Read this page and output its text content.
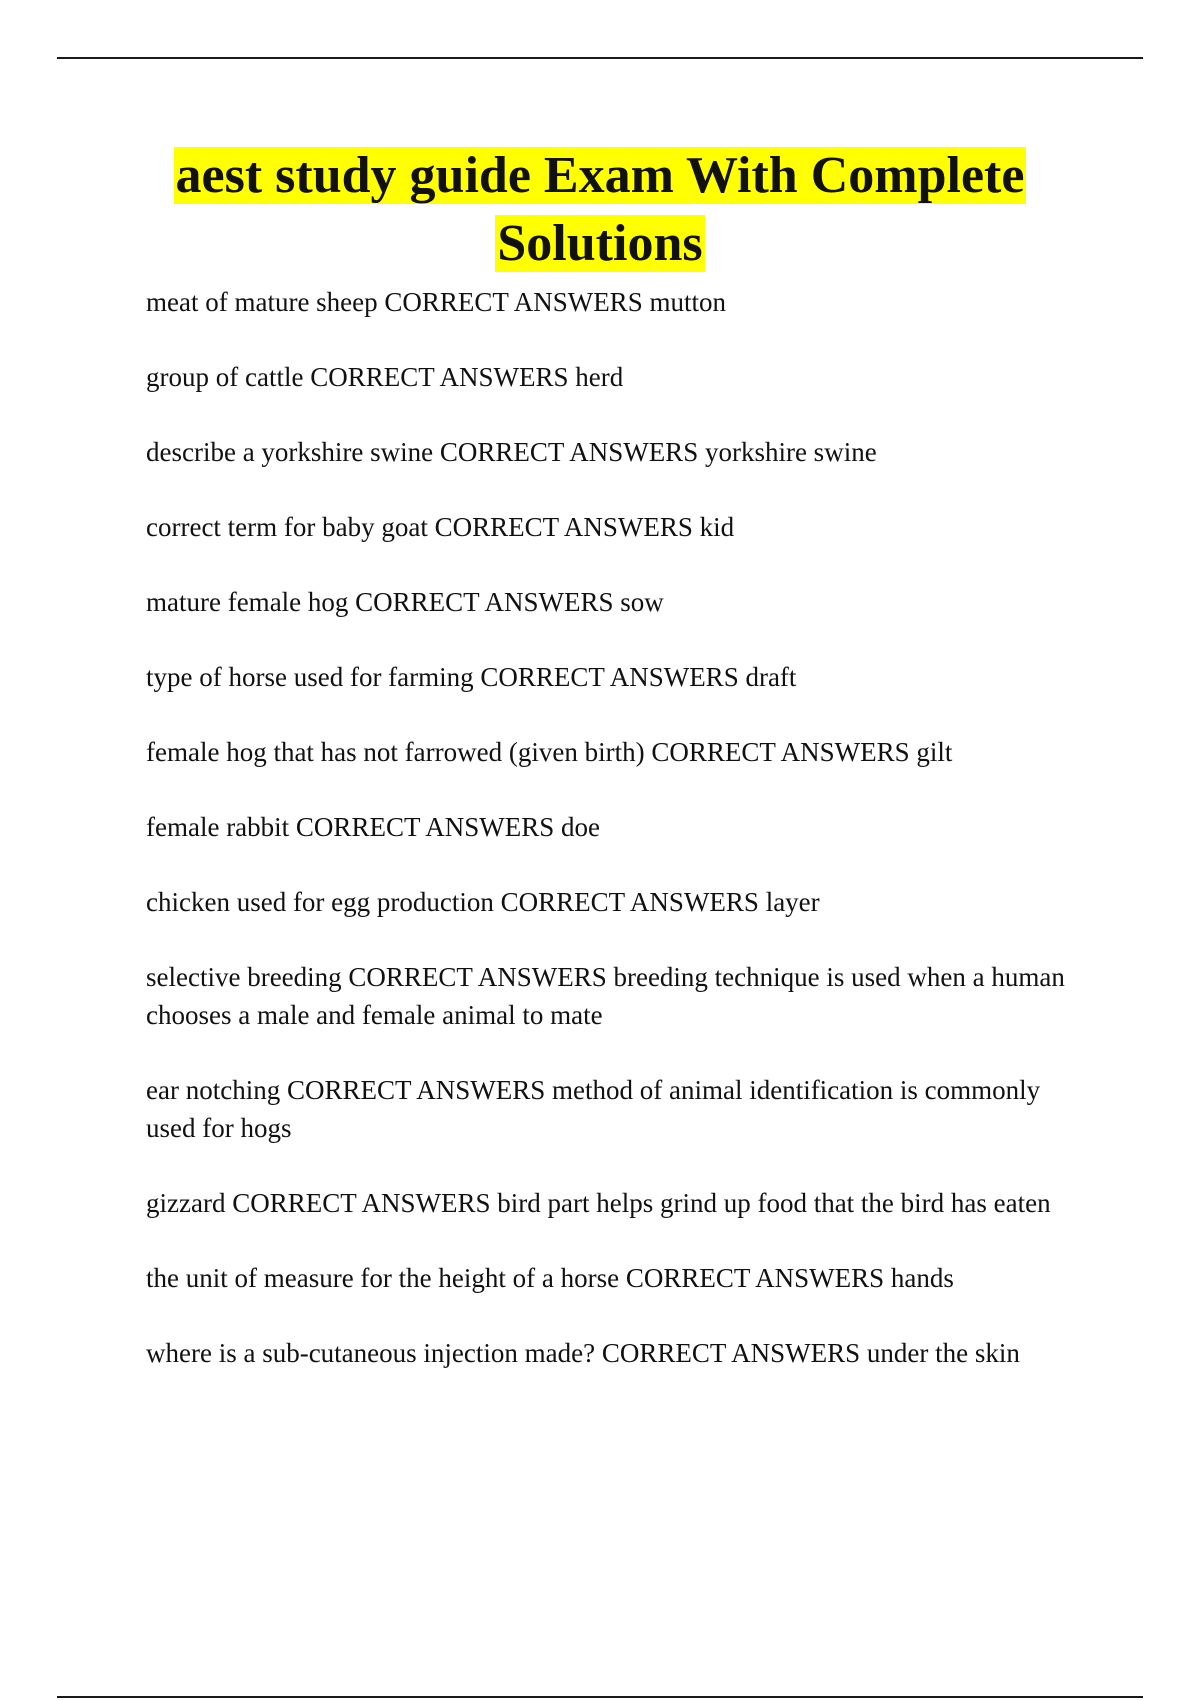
aest study guide Exam With Complete
Solutions
meat of mature sheep CORRECT ANSWERS mutton
group of cattle CORRECT ANSWERS herd
describe a yorkshire swine CORRECT ANSWERS yorkshire swine
correct term for baby goat CORRECT ANSWERS kid
mature female hog CORRECT ANSWERS sow
type of horse used for farming CORRECT ANSWERS draft
female hog that has not farrowed (given birth) CORRECT ANSWERS gilt
female rabbit CORRECT ANSWERS doe
chicken used for egg production CORRECT ANSWERS layer
selective breeding CORRECT ANSWERS breeding technique is used when a human chooses a male and female animal to mate
ear notching CORRECT ANSWERS method of animal identification is commonly used for hogs
gizzard CORRECT ANSWERS bird part helps grind up food that the bird has eaten
the unit of measure for the height of a horse CORRECT ANSWERS hands
where is a sub-cutaneous injection made? CORRECT ANSWERS under the skin
